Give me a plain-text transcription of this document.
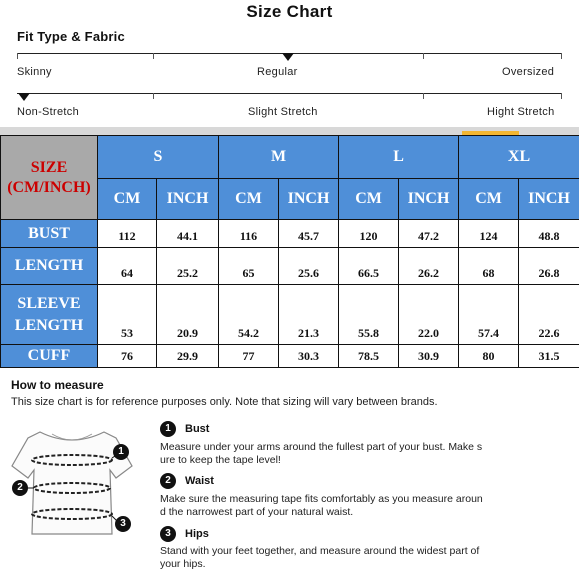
Size Chart
Fit Type & Fabric
Skinny	Regular	Oversized
Non-Stretch	Slight Stretch	Hight Stretch
SIZE (CM/INCH)	S		M		L		XL	
	CM	INCH	CM	INCH	CM	INCH	CM	INCH
BUST	112	44.1	116	45.7	120	47.2	124	48.8
LENGTH	64	25.2	65	25.6	66.5	26.2	68	26.8
SLEEVE LENGTH	53	20.9	54.2	21.3	55.8	22.0	57.4	22.6
CUFF	76	29.9	77	30.3	78.5	30.9	80	31.5
How to measure
This size chart is for reference purposes only. Note that sizing will vary between brands.
1
2
3
1	Bust
Measure under your arms around the fullest part of your bust. Make s
ure to keep the tape level!
2	Waist
Make sure the measuring tape fits comfortably as you measure aroun
d the narrowest part of your natural waist.
3	Hips
Stand with your feet together, and measure around the widest part of
your hips.
